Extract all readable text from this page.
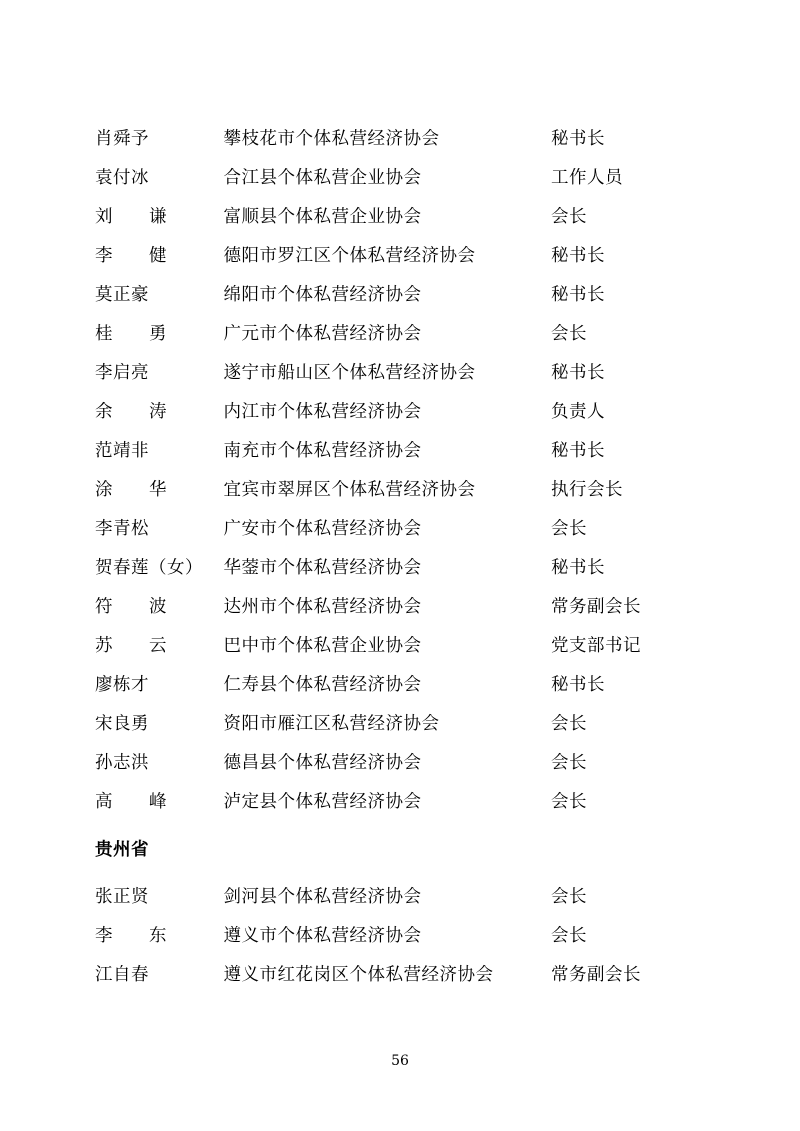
肖舜予	攀枝花市个体私营经济协会	秘书长
袁付冰	合江县个体私营企业协会	工作人员
刘　谦	富顺县个体私营企业协会	会长
李　健	德阳市罗江区个体私营经济协会	秘书长
莫正豪	绵阳市个体私营经济协会	秘书长
桂　勇	广元市个体私营经济协会	会长
李启亮	遂宁市船山区个体私营经济协会	秘书长
余　涛	内江市个体私营经济协会	负责人
范靖非	南充市个体私营经济协会	秘书长
涂　华	宜宾市翠屏区个体私营经济协会	执行会长
李青松	广安市个体私营经济协会	会长
贺春莲（女）	华蓥市个体私营经济协会	秘书长
符　波	达州市个体私营经济协会	常务副会长
苏　云	巴中市个体私营企业协会	党支部书记
廖栋才	仁寿县个体私营经济协会	秘书长
宋良勇	资阳市雁江区私营经济协会	会长
孙志洪	德昌县个体私营经济协会	会长
高　峰	泸定县个体私营经济协会	会长
贵州省		
张正贤	剑河县个体私营经济协会	会长
李　东	遵义市个体私营经济协会	会长
江自春	遵义市红花岗区个体私营经济协会	常务副会长
56
